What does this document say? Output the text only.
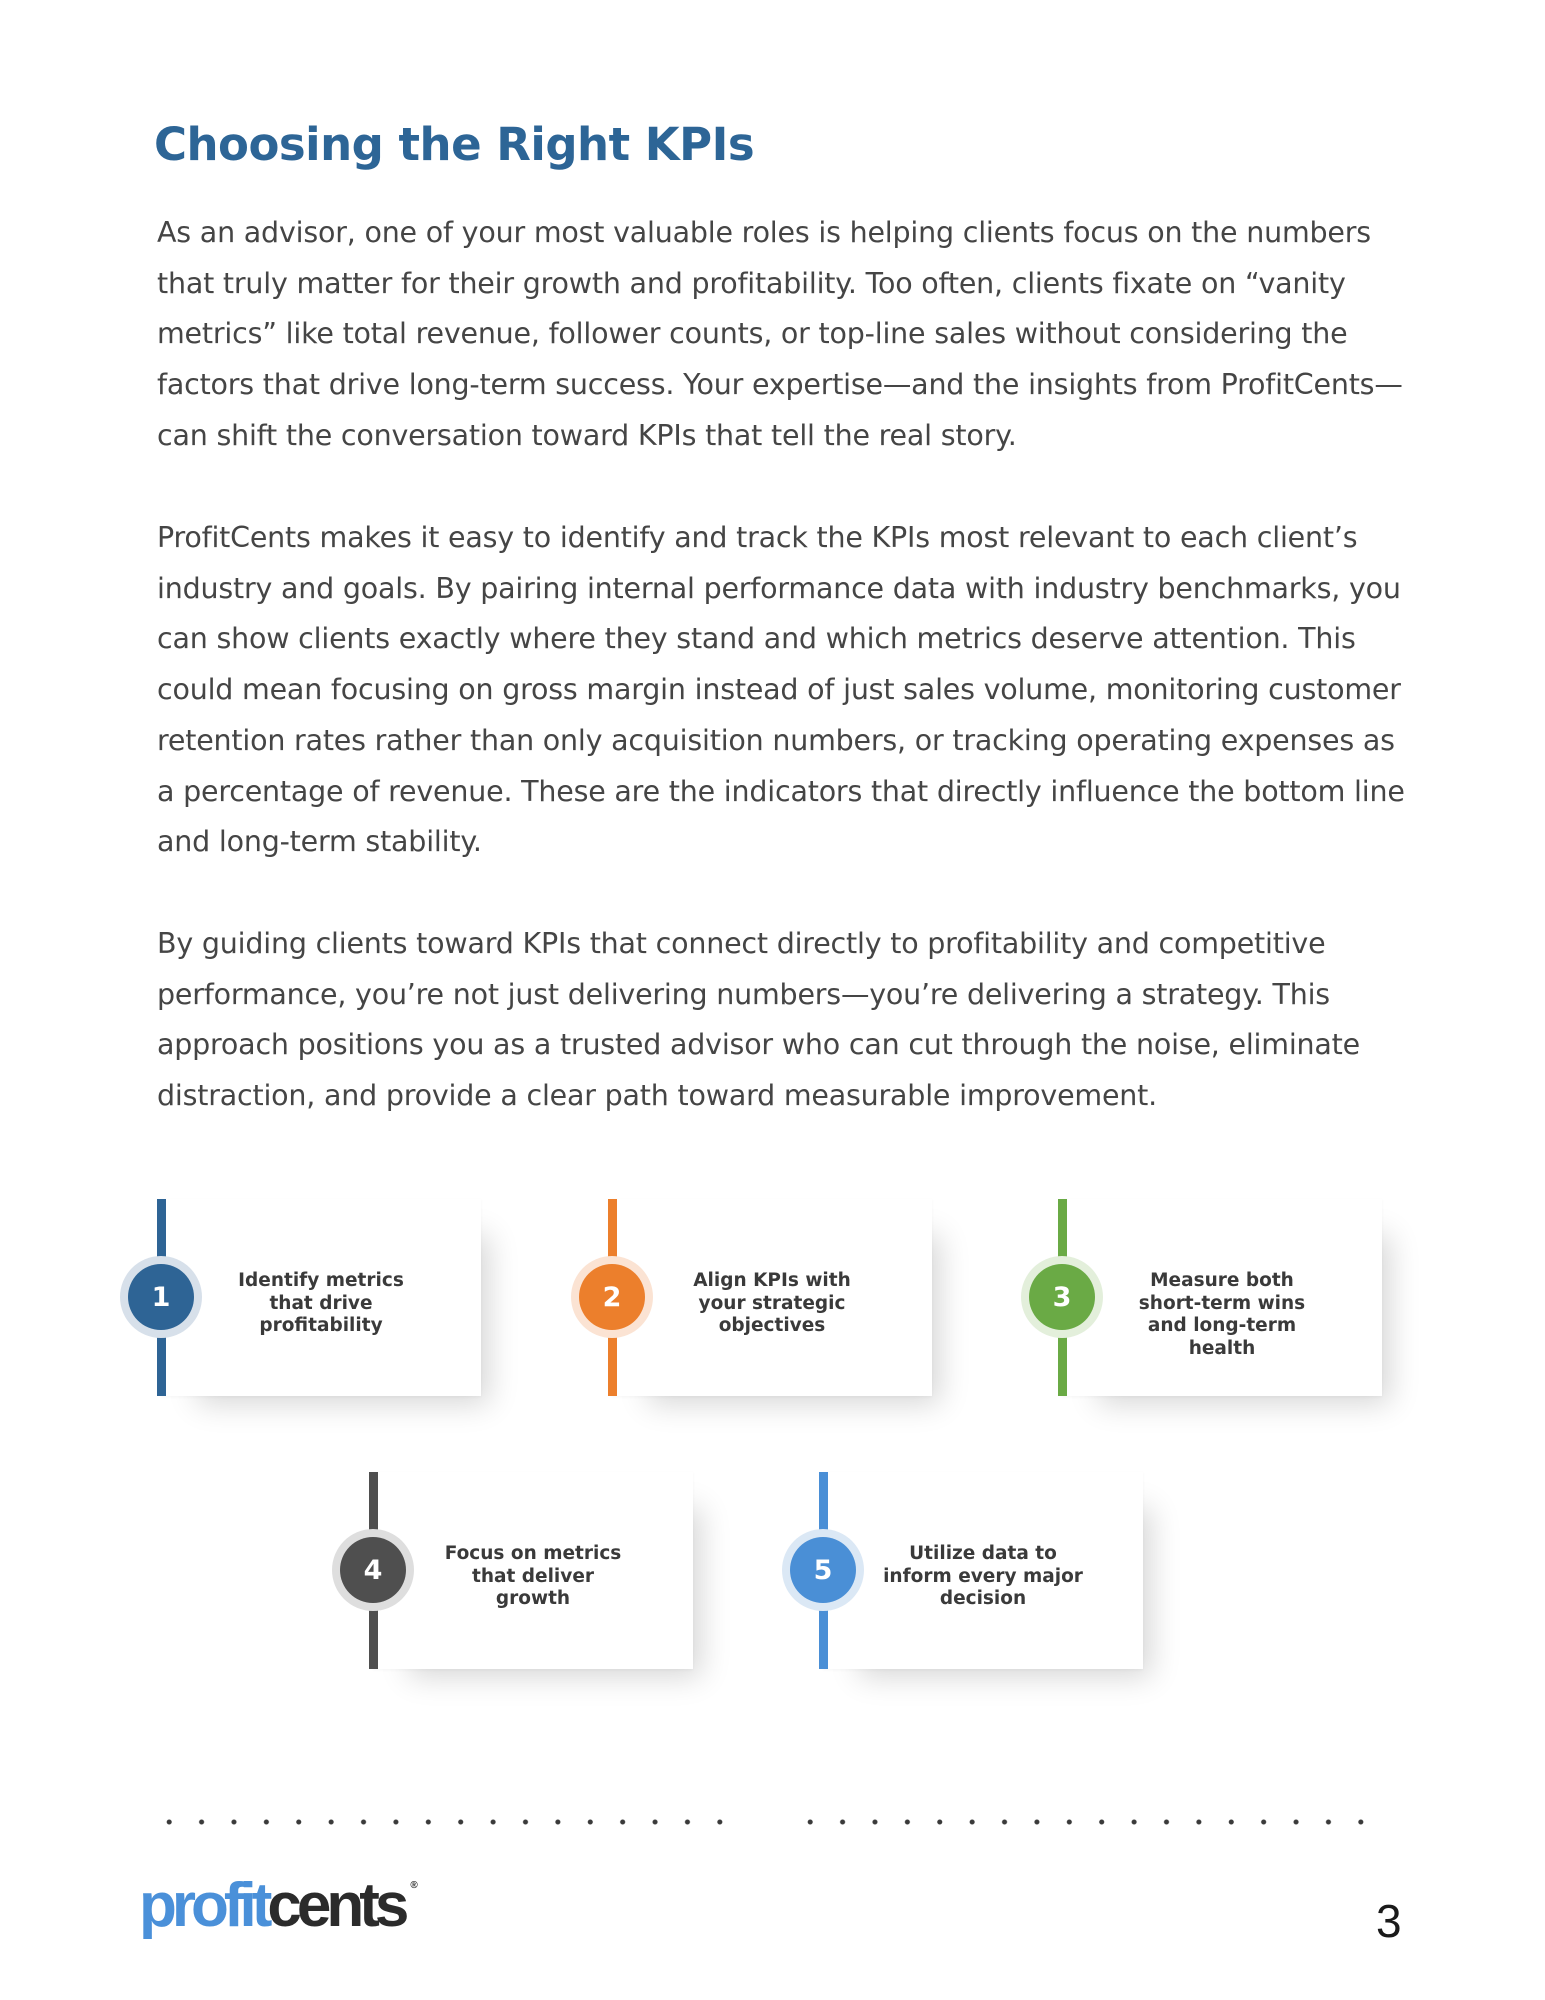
Choosing the Right KPIs

As an advisor, one of your most valuable roles is helping clients focus on the numbers that truly matter for their growth and profitability. Too often, clients fixate on “vanity metrics” like total revenue, follower counts, or top-line sales without considering the factors that drive long-term success. Your expertise—and the insights from ProfitCents—can shift the conversation toward KPIs that tell the real story.

ProfitCents makes it easy to identify and track the KPIs most relevant to each client’s industry and goals. By pairing internal performance data with industry benchmarks, you can show clients exactly where they stand and which metrics deserve attention. This could mean focusing on gross margin instead of just sales volume, monitoring customer retention rates rather than only acquisition numbers, or tracking operating expenses as a percentage of revenue. These are the indicators that directly influence the bottom line and long-term stability.

By guiding clients toward KPIs that connect directly to profitability and competitive performance, you’re not just delivering numbers—you’re delivering a strategy. This approach positions you as a trusted advisor who can cut through the noise, eliminate distraction, and provide a clear path toward measurable improvement.

1

Identify metrics that drive profitability

2

Align KPIs with your strategic objectives

3

Measure both short-term wins and long-term health

4

Focus on metrics that deliver growth

5

Utilize data to inform every major decision

profit cents ®
3
